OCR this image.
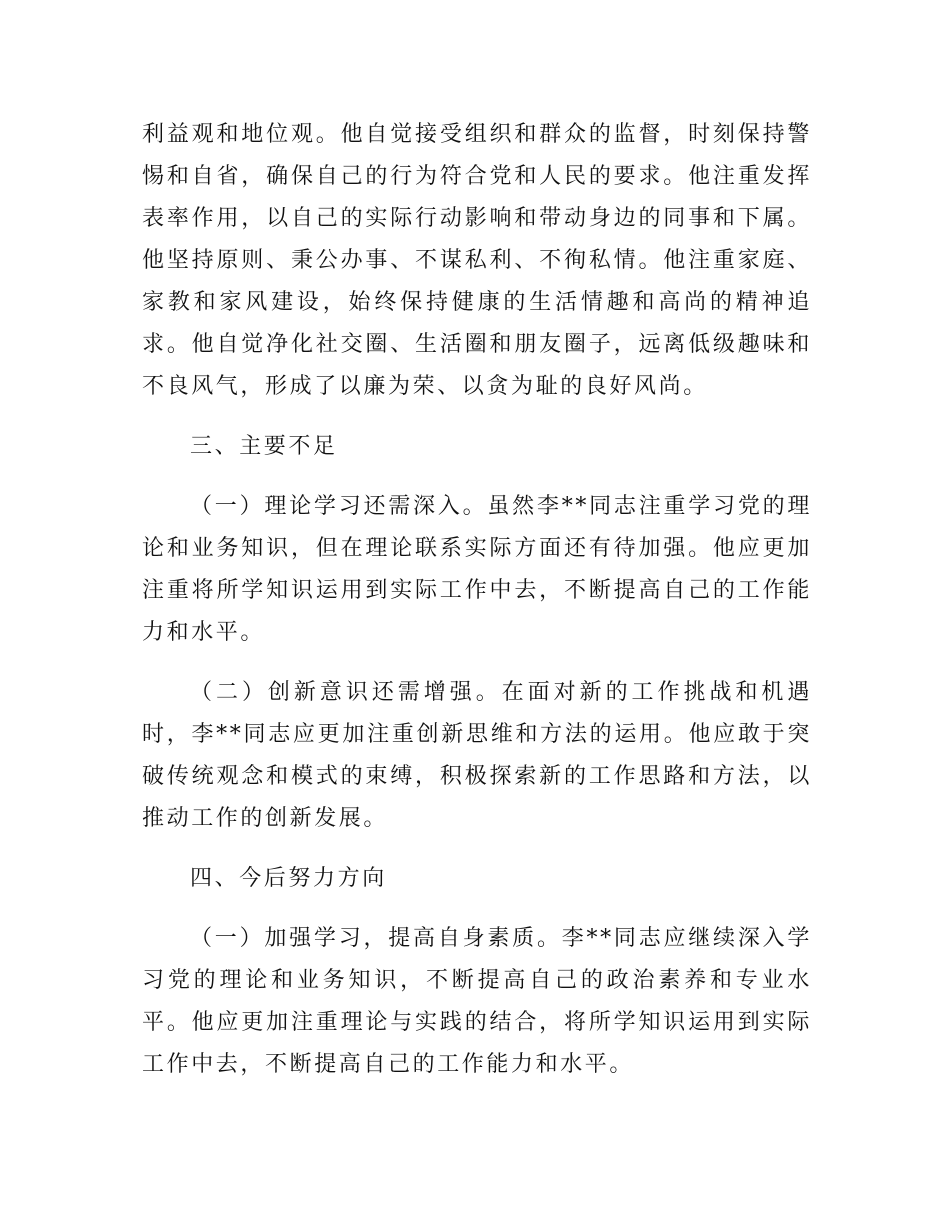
利益观和地位观。他自觉接受组织和群众的监督，时刻保持警惕和自省，确保自己的行为符合党和人民的要求。他注重发挥表率作用，以自己的实际行动影响和带动身边的同事和下属。他坚持原则、秉公办事、不谋私利、不徇私情。他注重家庭、家教和家风建设，始终保持健康的生活情趣和高尚的精神追求。他自觉净化社交圈、生活圈和朋友圈子，远离低级趣味和不良风气，形成了以廉为荣、以贪为耻的良好风尚。

三、主要不足

（一）理论学习还需深入。虽然李**同志注重学习党的理论和业务知识，但在理论联系实际方面还有待加强。他应更加注重将所学知识运用到实际工作中去，不断提高自己的工作能力和水平。

（二）创新意识还需增强。在面对新的工作挑战和机遇时，李**同志应更加注重创新思维和方法的运用。他应敢于突破传统观念和模式的束缚，积极探索新的工作思路和方法，以推动工作的创新发展。

四、今后努力方向

（一）加强学习，提高自身素质。李**同志应继续深入学习党的理论和业务知识，不断提高自己的政治素养和专业水平。他应更加注重理论与实践的结合，将所学知识运用到实际工作中去，不断提高自己的工作能力和水平。
